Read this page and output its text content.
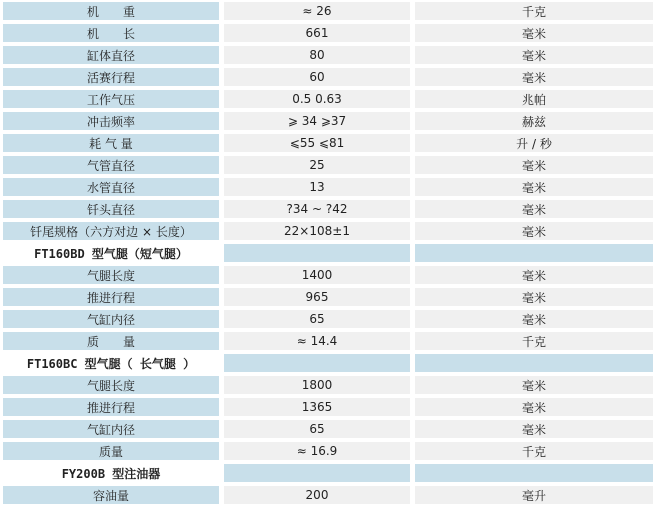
机　　重	≈ 26	千克
机　　长	661	毫米
缸体直径	80	毫米
活赛行程	60	毫米
工作气压	0.5 0.63	兆帕
冲击频率	⩾ 34 ⩾37	赫兹
耗 气 量	⩽55 ⩽81	升 / 秒
气管直径	25	毫米
水管直径	13	毫米
钎头直径	?34 ~ ?42	毫米
钎尾规格（六方对边 × 长度）	22×108±1	毫米
FT160BD 型气腿（短气腿）
气腿长度	1400	毫米
推进行程	965	毫米
气缸内径	65	毫米
质　　量	≈ 14.4	千克
FT160BC 型气腿（ 长气腿 ）
气腿长度	1800	毫米
推进行程	1365	毫米
气缸内径	65	毫米
质量	≈ 16.9	千克
FY200B 型注油器
容油量	200	毫升
